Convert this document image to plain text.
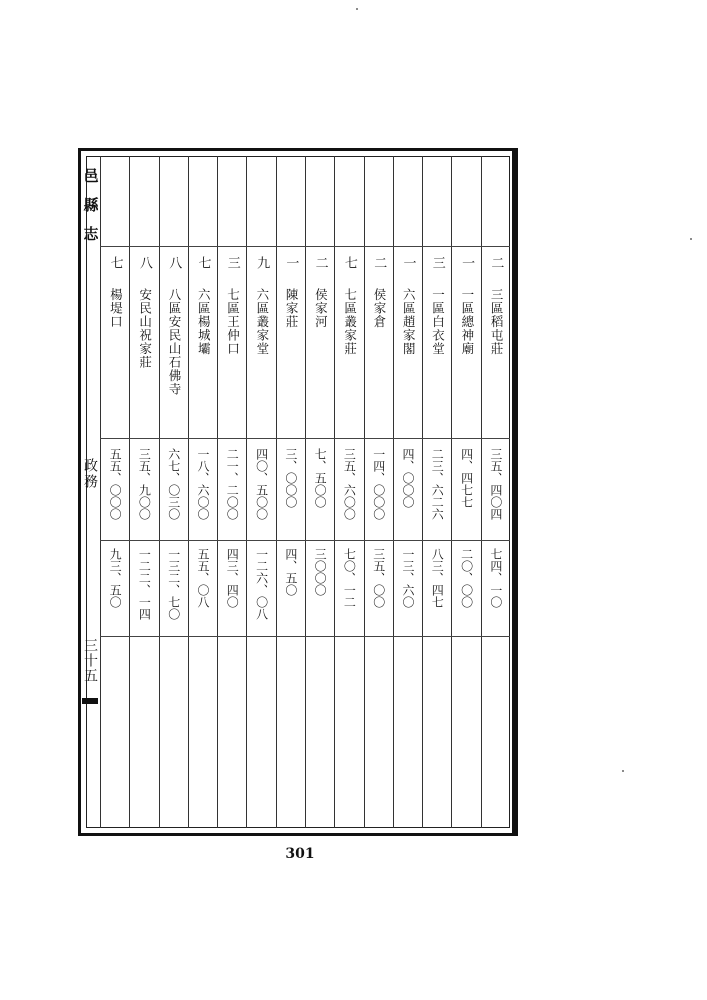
邑縣志
政務
三十五
二
三區稻屯莊
三五、四〇四
七四、一〇
一
一區總神廟
四、四七七
二〇、〇〇
三
一區白衣堂
二三、六二六
八三、四七
一
六區趙家閣
四、〇〇〇
一三、六〇
二
侯家倉
一四、〇〇〇
三五、〇〇
七
七區叢家莊
三五、六〇〇
七〇、一二
二
侯家河
七、五〇〇
三〇〇〇
一
陳家莊
三、〇〇〇
四、五〇
九
六區叢家堂
四〇、五〇〇
一二六、〇八
三
七區王仲口
二一、二〇〇
四三、四〇
七
六區楊城壩
一八、六〇〇
五五、〇八
八
八區安民山石佛寺
六七、〇三〇
一三二、七〇
八
安民山祝家莊
三五、九〇〇
一二二、一四
七
楊堤口
五五、〇〇〇
九三、五〇
301
